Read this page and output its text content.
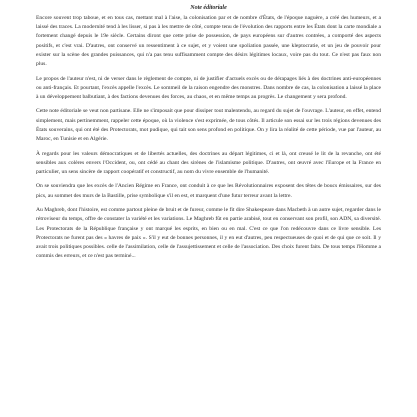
Note éditoriale

Encore souvent trop taboue, et en tous cas, mettant mal à l'aise, la colonisation par et de nombre d'États, de l'époque naguère, a créé des humeurs, et a laissé des traces. La modernité tend à les lisser, si pas à les mettre de côté, compte tenu de l'évolution des rapports entre les États dont la carte mondiale a fortement changé depuis le 19e siècle. Certains diront que cette prise de possession, de pays européens sur d'autres contrées, a comporté des aspects positifs, et c'est vrai. D'autres, ont conservé un ressentiment à ce sujet, et y voient une spoliation passée, une kleptocratie, et un jeu de pouvoir pour exister sur la scène des grandes puissances, qui n'a pas tenu suffisamment compte des désirs légitimes locaux, voire pas du tout. Ce n'est pas faux non plus.

Le propos de l'auteur n'est, ni de verser dans le règlement de compte, ni de justifier d'actuels excès ou de dérapages liés à des doctrines anti-européennes ou anti-français. Et pourtant, l'excès appelle l'excès. Le sommeil de la raison engendre des monstres. Dans nombre de cas, la colonisation a laissé la place à un développement balbutiant, à des factions devenues des forces, au chaos, et en même temps au progrès. Le changement y sera profond.

Cette note éditoriale se veut non partisane. Elle ne s'imposait que pour dissiper tout malentendu, au regard du sujet de l'ouvrage. L'auteur, en effet, entend simplement, mais pertinemment, rappeler cette époque, où la violence s'est exprimée, de tous côtés. Il articule son essai sur les trois régions devenues des États souverains, qui ont été des Protectorats, mot pudique, qui tait son sens profond en politique. On y lira la réalité de cette période, vue par l'auteur, au Maroc, en Tunisie et en Algérie.

À regards pour les valeurs démocratiques et de libertés actuelles, des doctrines au départ légitimes, ci et là, ont creusé le lit de la revanche, ont été sensibles aux colères envers l'Occident, ou, ont cédé au chant des sirènes de l'islamisme politique. D'autres, ont œuvré avec l'Europe et la France en particulier, un sens sincère de rapport coopératif et constructif, au nom du vivre ensemble de l'humanité.

On se souviendra que les excès de l'Ancien Régime en France, ont conduit à ce que les Révolutionnaires exposent des têtes de boucs émissaires, sur des pics, au sommet des murs de la Bastille, prise symbolique s'il en est, et marquent d'une futur terreur avant la lettre.

Au Maghreb, dont l'histoire, est comme partout pleine de bruit et de fureur, comme le fit dire Shakespeare dans Macbeth à un autre sujet, regarder dans le rétroviseur du temps, offre de constater la variété et les variations. Le Maghreb fût en partie arabisé, tout en conservant son profil, son ADN, sa diversité. Les Protectorats de la République française y ont marqué les esprits, en bien ou en mal. C'est ce que l'on redécouvre dans ce livre sensible. Les Protectorats ne furent pas des « havres de paix ». S'il y eut de bonnes personnes, il y en eut d'autres, peu respectueuses de quoi et de qui que ce soit. Il y avait trois politiques possibles. celle de l'assimilation, celle de l'assujettissement et celle de l'association. Des choix furent faits. De tous temps l'Homme a commis des erreurs, et ce n'est pas terminé...
